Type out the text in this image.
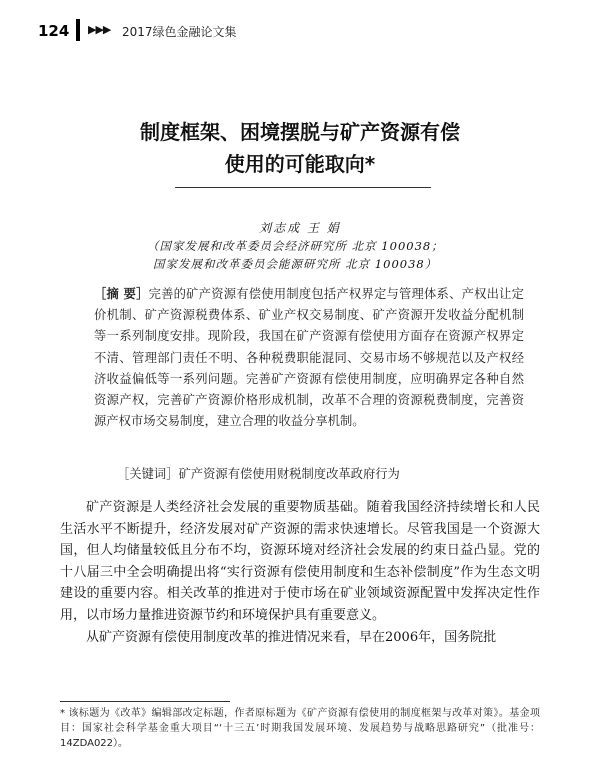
124 ▶▶▶ 2017绿色金融论文集
制度框架、困境摆脱与矿产资源有偿
使用的可能取向*
刘志成 王 娟
（国家发展和改革委员会经济研究所 北京 100038；
国家发展和改革委员会能源研究所 北京 100038）
［摘 要］完善的矿产资源有偿使用制度包括产权界定与管理体系、产权出让定价机制、矿产资源税费体系、矿业产权交易制度、矿产资源开发收益分配机制等一系列制度安排。现阶段，我国在矿产资源有偿使用方面存在资源产权界定不清、管理部门责任不明、各种税费职能混同、交易市场不够规范以及产权经济收益偏低等一系列问题。完善矿产资源有偿使用制度，应明确界定各种自然资源产权，完善矿产资源价格形成机制，改革不合理的资源税费制度，完善资源产权市场交易制度，建立合理的收益分享机制。
［关键词］矿产资源有偿使用财税制度改革政府行为

矿产资源是人类经济社会发展的重要物质基础。随着我国经济持续增长和人民生活水平不断提升，经济发展对矿产资源的需求快速增长。尽管我国是一个资源大国，但人均储量较低且分布不均，资源环境对经济社会发展的约束日益凸显。党的十八届三中全会明确提出将“实行资源有偿使用制度和生态补偿制度”作为生态文明建设的重要内容。相关改革的推进对于使市场在矿业领域资源配置中发挥决定性作用，以市场力量推进资源节约和环境保护具有重要意义。

从矿产资源有偿使用制度改革的推进情况来看，早在2006年，国务院批

* 该标题为《改革》编辑部改定标题，作者原标题为《矿产资源有偿使用的制度框架与改革对策》。基金项目：国家社会科学基金重大项目“‘十三五’时期我国发展环境、发展趋势与战略思路研究”（批准号：14ZDA022）。
